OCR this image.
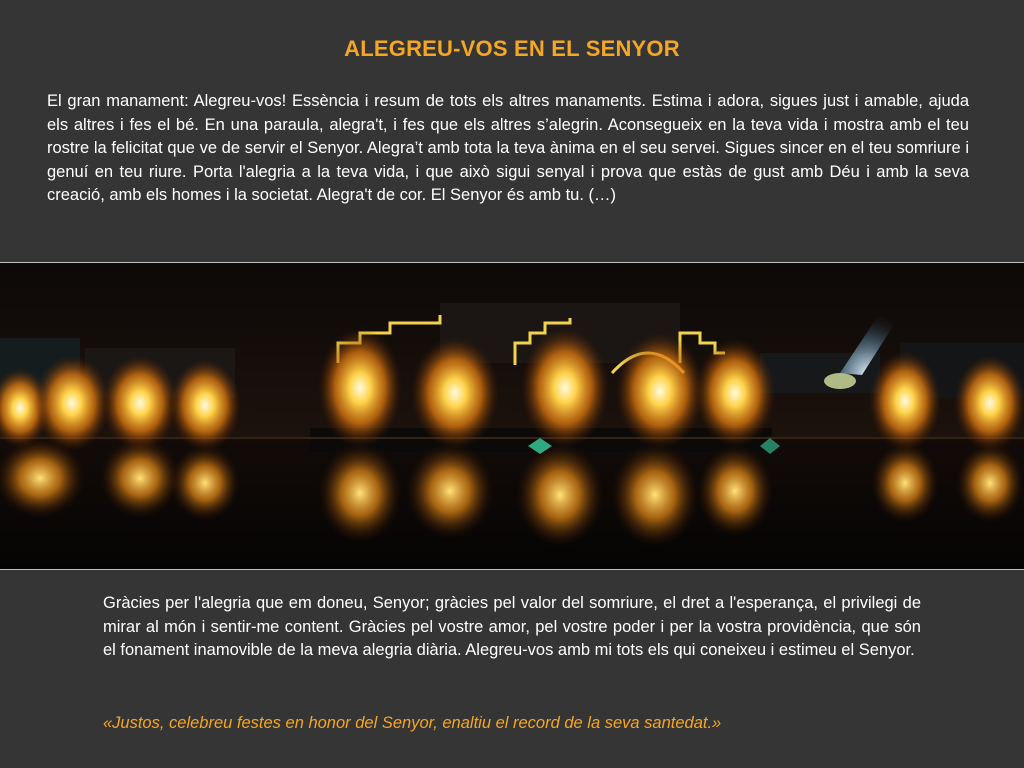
ALEGREU-VOS EN EL SENYOR
El gran manament: Alegreu-vos! Essència i resum de tots els altres manaments. Estima i adora, sigues just i amable, ajuda els altres i fes el bé. En una paraula, alegra't, i fes que els altres s’alegrin. Aconsegueix en la teva vida i mostra amb el teu rostre la felicitat que ve de servir el Senyor. Alegra’t amb tota la teva ànima en el seu servei. Sigues sincer en el teu somriure i genuí en teu riure. Porta l'alegria a la teva vida, i que això sigui senyal i prova que estàs de gust amb Déu i amb la seva creació, amb els homes i la societat. Alegra't de cor. El Senyor és amb tu. (…)
Gràcies per l'alegria que em doneu, Senyor; gràcies pel valor del somriure, el dret a l'esperança, el privilegi de mirar al món i sentir-me content. Gràcies pel vostre amor, pel vostre poder i per la vostra providència, que són el fonament inamovible de la meva alegria diària. Alegreu-vos amb mi tots els qui coneixeu i estimeu el Senyor.
«Justos, celebreu festes en honor del Senyor, enaltiu el record de la seva santedat.»
